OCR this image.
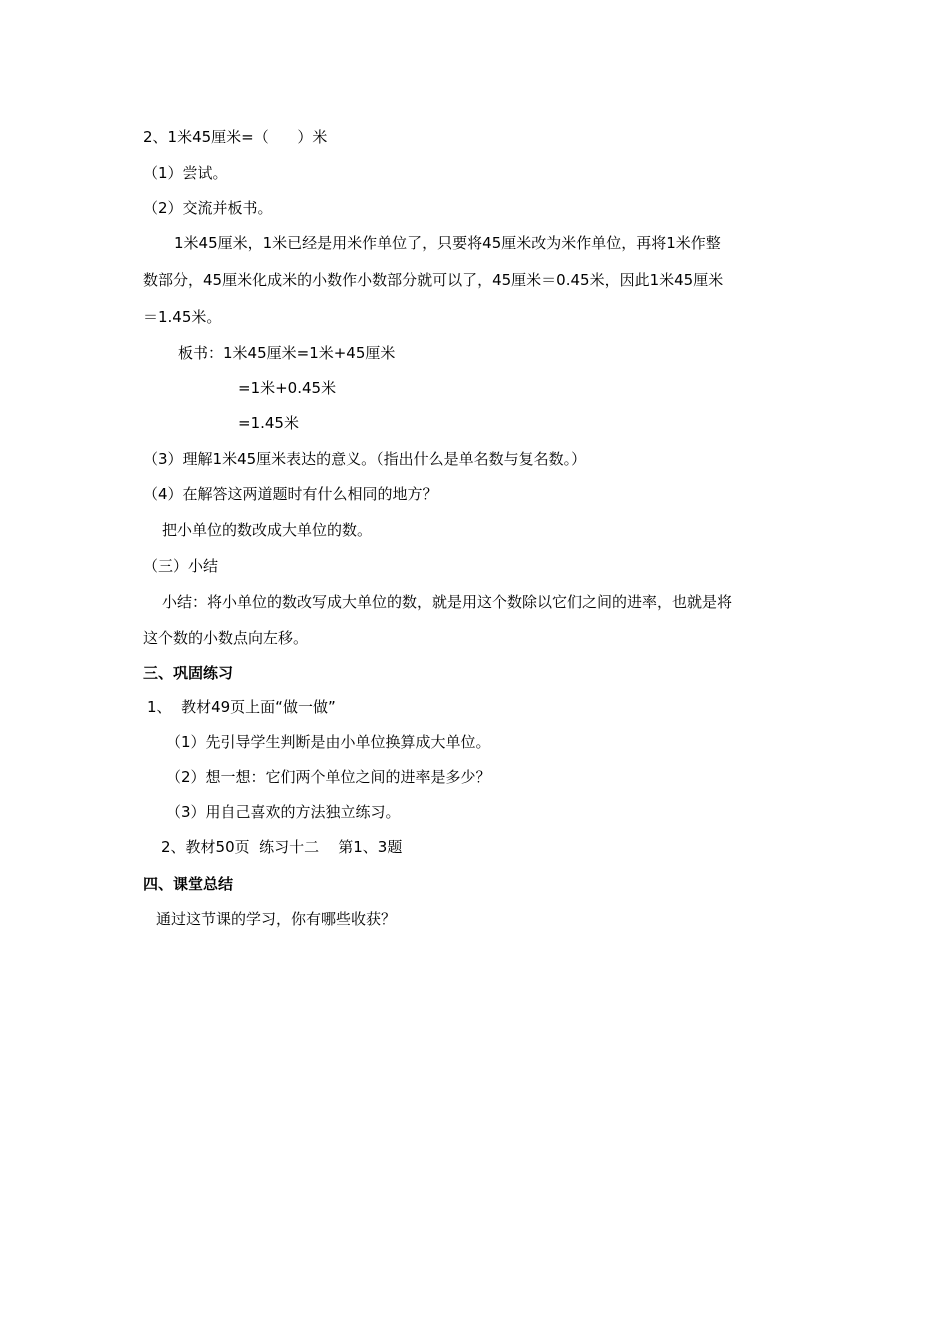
2、1米45厘米=（      ）米
（1）尝试。
（2）交流并板书。
1米45厘米，1米已经是用米作单位了，只要将45厘米改为米作单位，再将1米作整
数部分，45厘米化成米的小数作小数部分就可以了，45厘米＝0.45米，因此1米45厘米
＝1.45米。
板书：1米45厘米=1米+45厘米
=1米+0.45米
=1.45米
（3）理解1米45厘米表达的意义。（指出什么是单名数与复名数。）
（4）在解答这两道题时有什么相同的地方？
把小单位的数改成大单位的数。
（三）小结
小结：将小单位的数改写成大单位的数，就是用这个数除以它们之间的进率，也就是将
这个数的小数点向左移。
三、巩固练习
1、  教材49页上面“做一做”
（1）先引导学生判断是由小单位换算成大单位。
（2）想一想：它们两个单位之间的进率是多少？
（3）用自己喜欢的方法独立练习。
2、教材50页  练习十二    第1、3题
四、课堂总结
通过这节课的学习，你有哪些收获？
